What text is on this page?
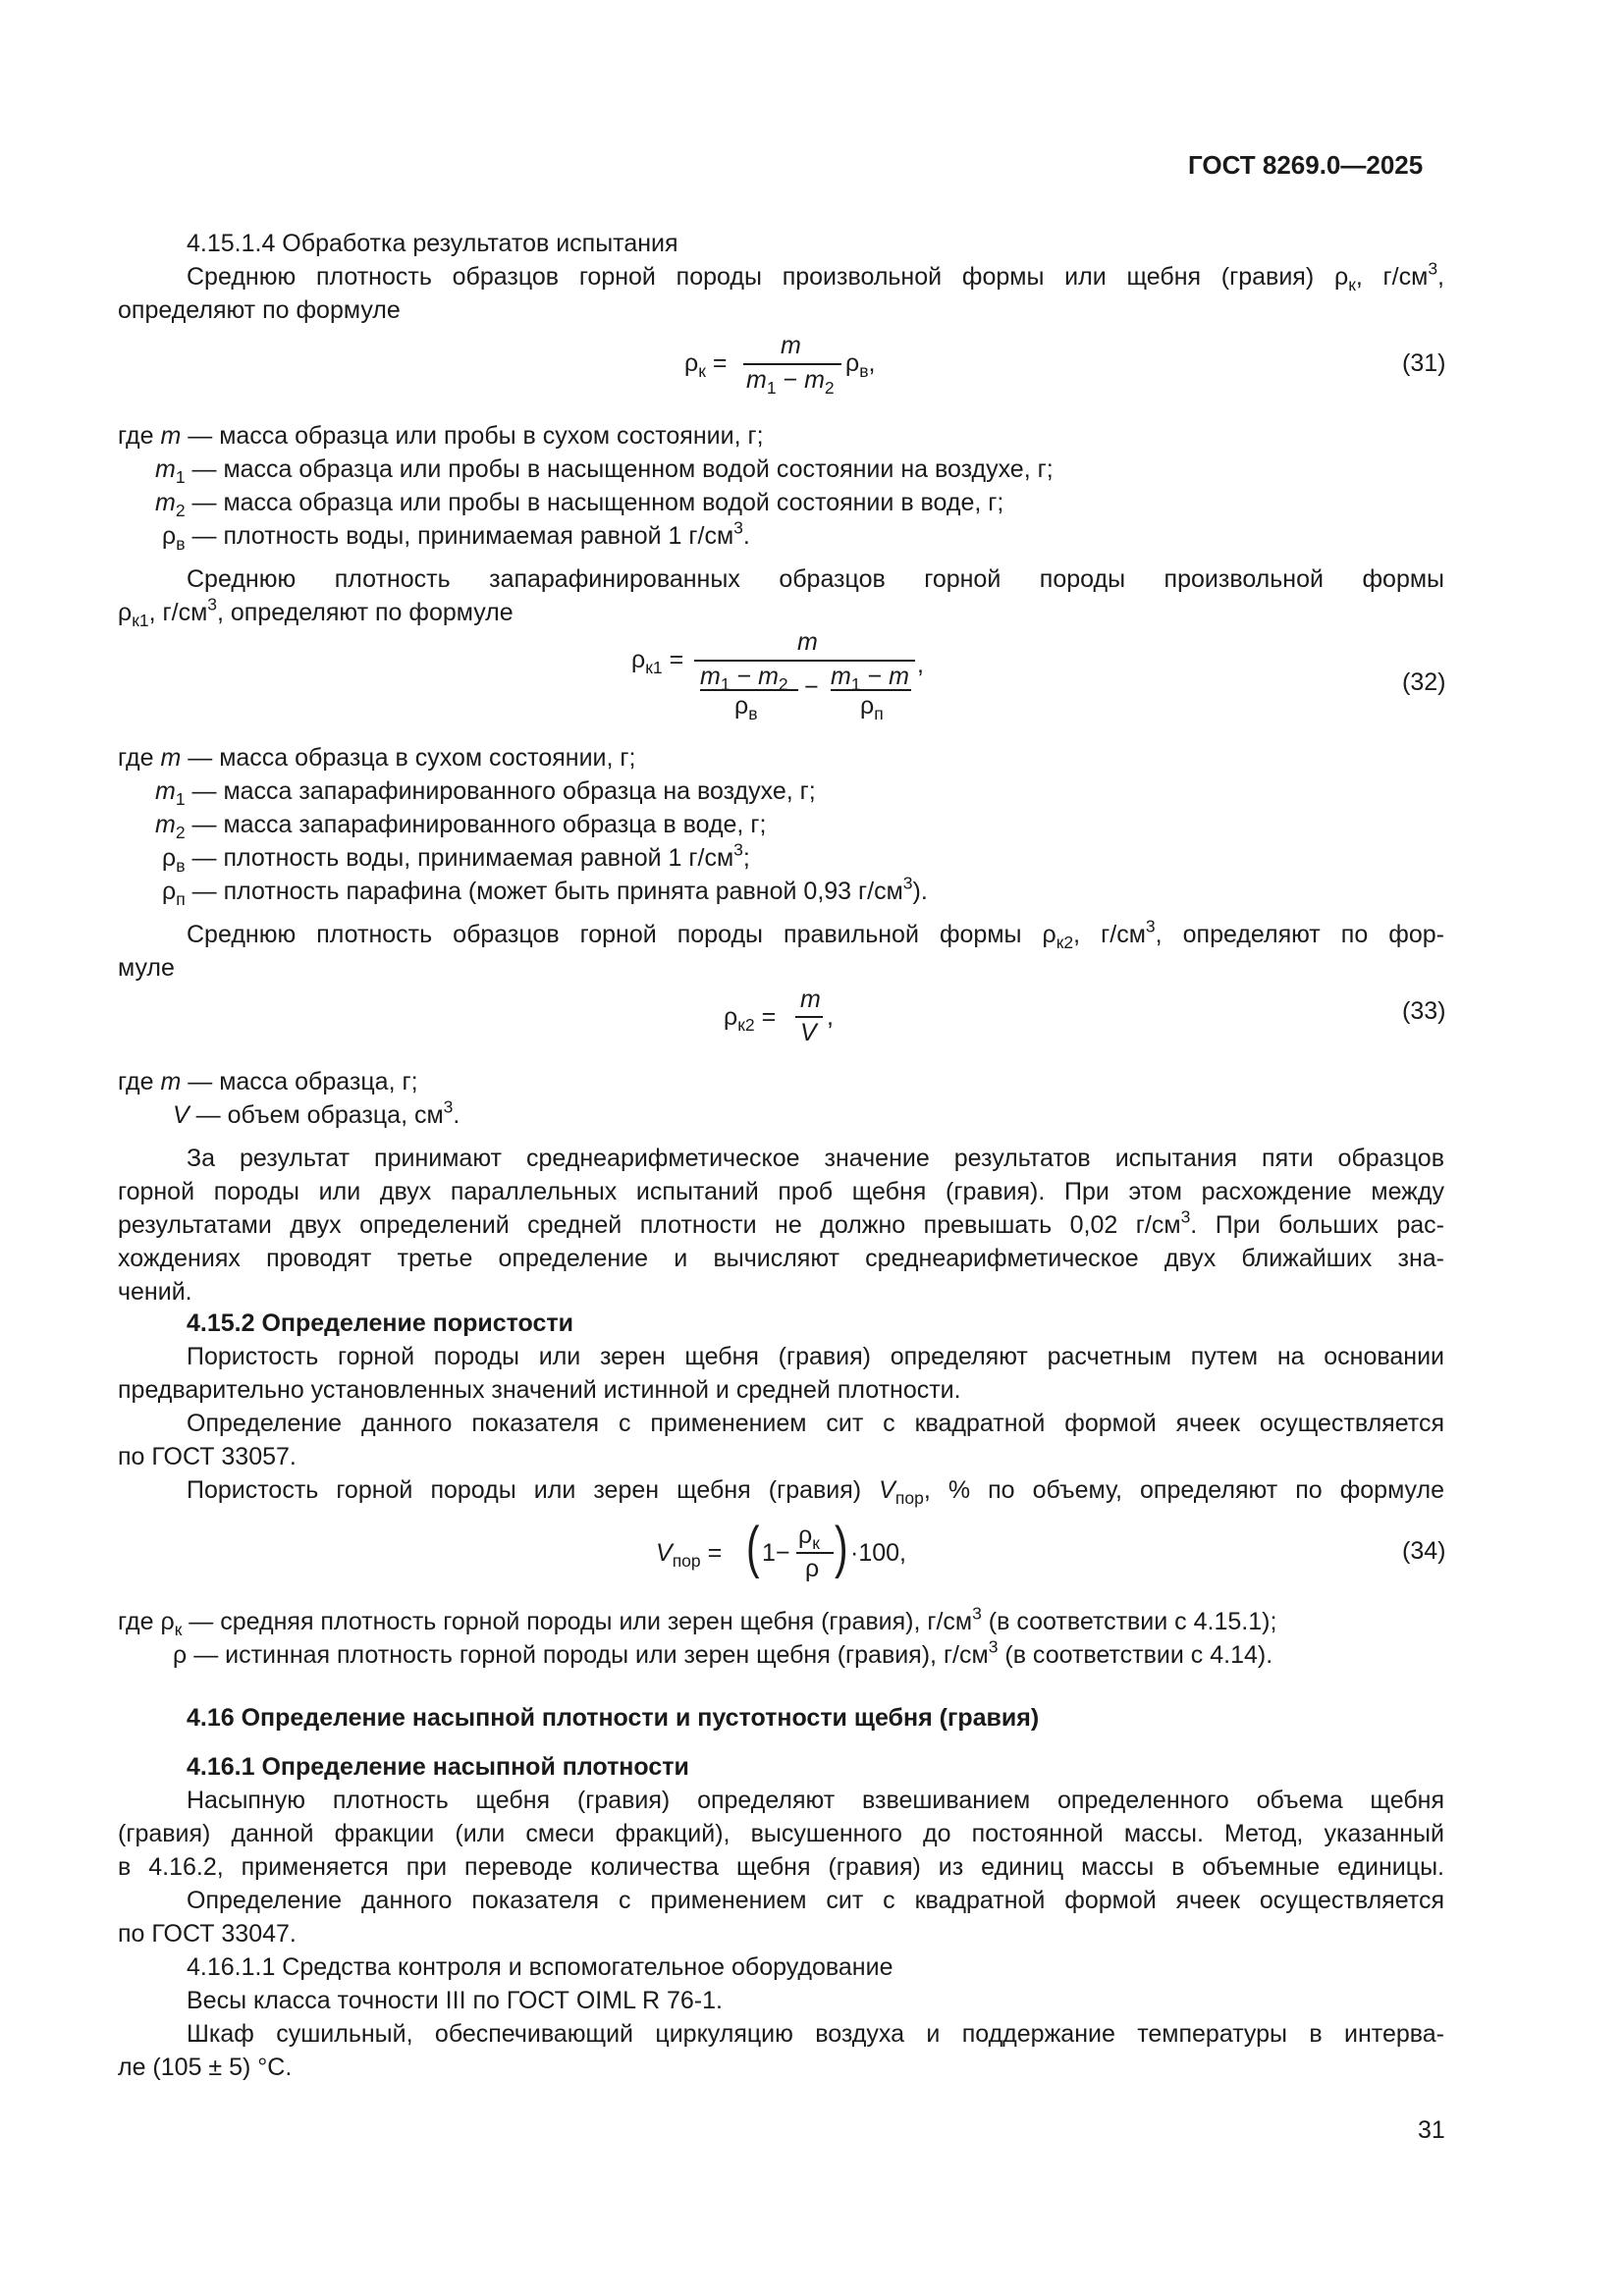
ГОСТ 8269.0—2025
4.15.1.4 Обработка результатов испытания
Среднюю плотность образцов горной породы произвольной формы или щебня (гравия) $\rho_к$, $г/см^3$,
определяют по формуле
$\rho_к$ =
m
$m_1 - m_2$
$\rho_в$,	(31)
где m — масса образца или пробы в сухом состоянии, г;
$m_1$ — масса образца или пробы в насыщенном водой состоянии на воздухе, г;
$m_2$ — масса образца или пробы в насыщенном водой состоянии в воде, г;
$\rho_в$ — плотность воды, принимаемая равной 1 $г/см^3$.
Среднюю плотность запарафинированных образцов горной породы произвольной формы
$\rho_{к1}$, $г/см^3$, определяют по формуле
$\rho_{к1}$ =
m
$m_1 - m_2$
$\rho_в$
− $m_1 - m$
$\rho_п$
,
(32)
где m — масса образца в сухом состоянии, г;
$m_1$ — масса запарафинированного образца на воздухе, г;
$m_2$ — масса запарафинированного образца в воде, г;
$\rho_в$ — плотность воды, принимаемая равной 1 $г/см^3$;
$\rho_п$ — плотность парафина (может быть принята равной 0,93 $г/см^3$).
Среднюю плотность образцов горной породы правильной формы $\rho_{к2}$, $г/см^3$, определяют по фор-
муле
$\rho_{к2}$ =
m
V
,	(33)
где m — масса образца, г;
V — объем образца, $см^3$.
За результат принимают среднеарифметическое значение результатов испытания пяти образцов
горной породы или двух параллельных испытаний проб щебня (гравия). При этом расхождение между
результатами двух определений средней плотности не должно превышать 0,02 $г/см^3$. При больших рас-
хождениях проводят третье определение и вычисляют среднеарифметическое двух ближайших зна-
чений.
4.15.2 Определение пористости
Пористость горной породы или зерен щебня (гравия) определяют расчетным путем на основании
предварительно установленных значений истинной и средней плотности.
Определение данного показателя с применением сит с квадратной формой ячеек осуществляется
по ГОСТ 33057.
Пористость горной породы или зерен щебня (гравия) $V_{пор}$, % по объему, определяют по формуле
$V_{пор}$ = ( 1−
$\rho_к$
ρ ) ·100,	(34)
где $\rho_к$ — средняя плотность горной породы или зерен щебня (гравия), $г/см^3$ (в соответствии с 4.15.1);
ρ — истинная плотность горной породы или зерен щебня (гравия), $г/см^3$ (в соответствии с 4.14).
4.16 Определение насыпной плотности и пустотности щебня (гравия)
4.16.1 Определение насыпной плотности
Насыпную плотность щебня (гравия) определяют взвешиванием определенного объема щебня
(гравия) данной фракции (или смеси фракций), высушенного до постоянной массы. Метод, указанный
в 4.16.2, применяется при переводе количества щебня (гравия) из единиц массы в объемные единицы.
Определение данного показателя с применением сит с квадратной формой ячеек осуществляется
по ГОСТ 33047.
4.16.1.1 Средства контроля и вспомогательное оборудование
Весы класса точности III по ГОСТ OIML R 76-1.
Шкаф сушильный, обеспечивающий циркуляцию воздуха и поддержание температуры в интерва-
ле (105 ± 5) °С.
31
